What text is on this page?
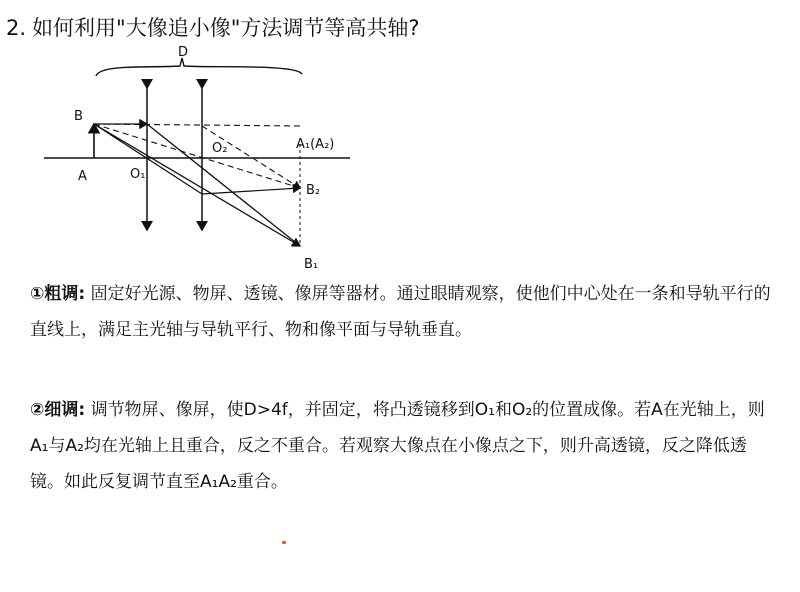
2. 如何利用"大像追小像"方法调节等高共轴?
D
B
A	O₁
O₂	A₁(A₂)
B₂
B₁
①粗调: 固定好光源、物屏、透镜、像屏等器材。通过眼睛观察，使他们中心处在一条和导轨平行的直线上，满足主光轴与导轨平行、物和像平面与导轨垂直。
②细调: 调节物屏、像屏，使D>4f，并固定，将凸透镜移到O₁和O₂的位置成像。若A在光轴上，则A₁与A₂均在光轴上且重合，反之不重合。若观察大像点在小像点之下，则升高透镜，反之降低透镜。如此反复调节直至A₁A₂重合。
